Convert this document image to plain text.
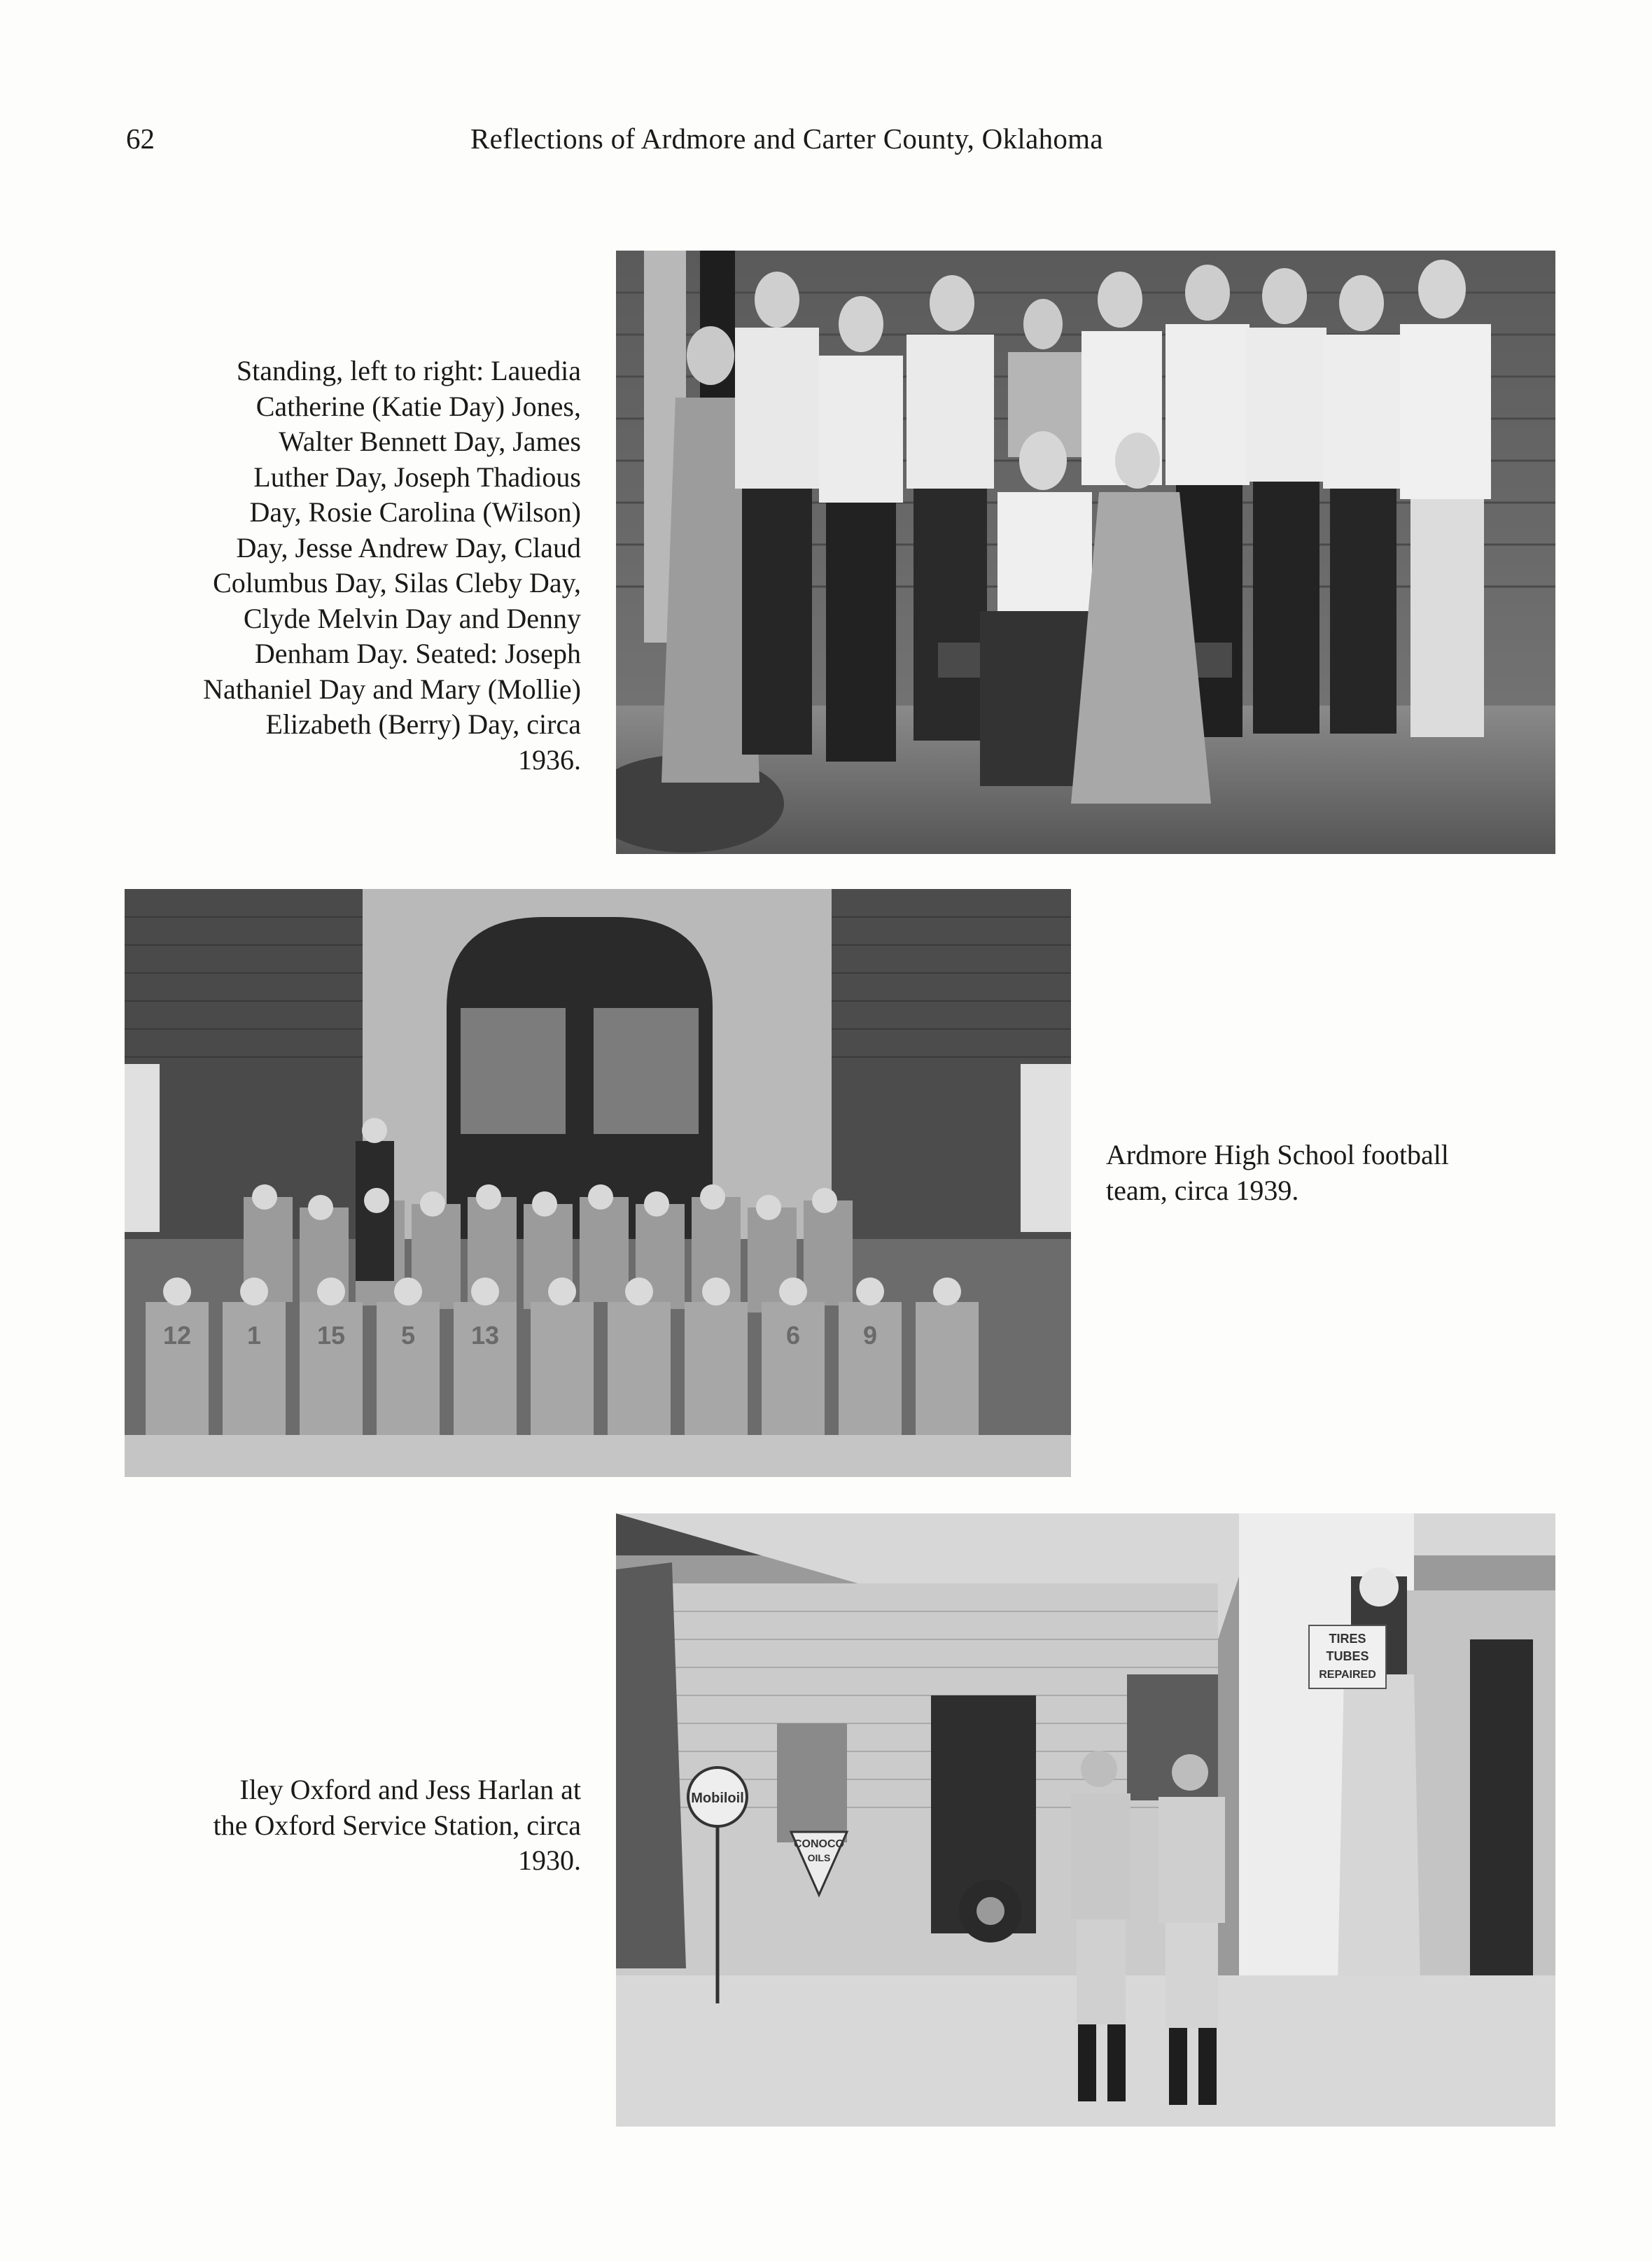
62	Reflections of Ardmore and Carter County, Oklahoma
Standing, left to right: Lauedia
Catherine (Katie Day) Jones,
Walter Bennett Day, James
Luther Day, Joseph Thadious
Day, Rosie Carolina (Wilson)
Day, Jesse Andrew Day, Claud
Columbus Day, Silas Cleby Day,
Clyde Melvin Day and Denny
Denham Day. Seated: Joseph
Nathaniel Day and Mary (Mollie)
Elizabeth (Berry) Day, circa
1936.
12 1 15 5 13	6 9
Ardmore High School football
team, circa 1939.
Iley Oxford and Jess Harlan at
the Oxford Service Station, circa
1930.
Mobiloil
CONOCO
OILS
TIRES
TUBES
REPAIRED
